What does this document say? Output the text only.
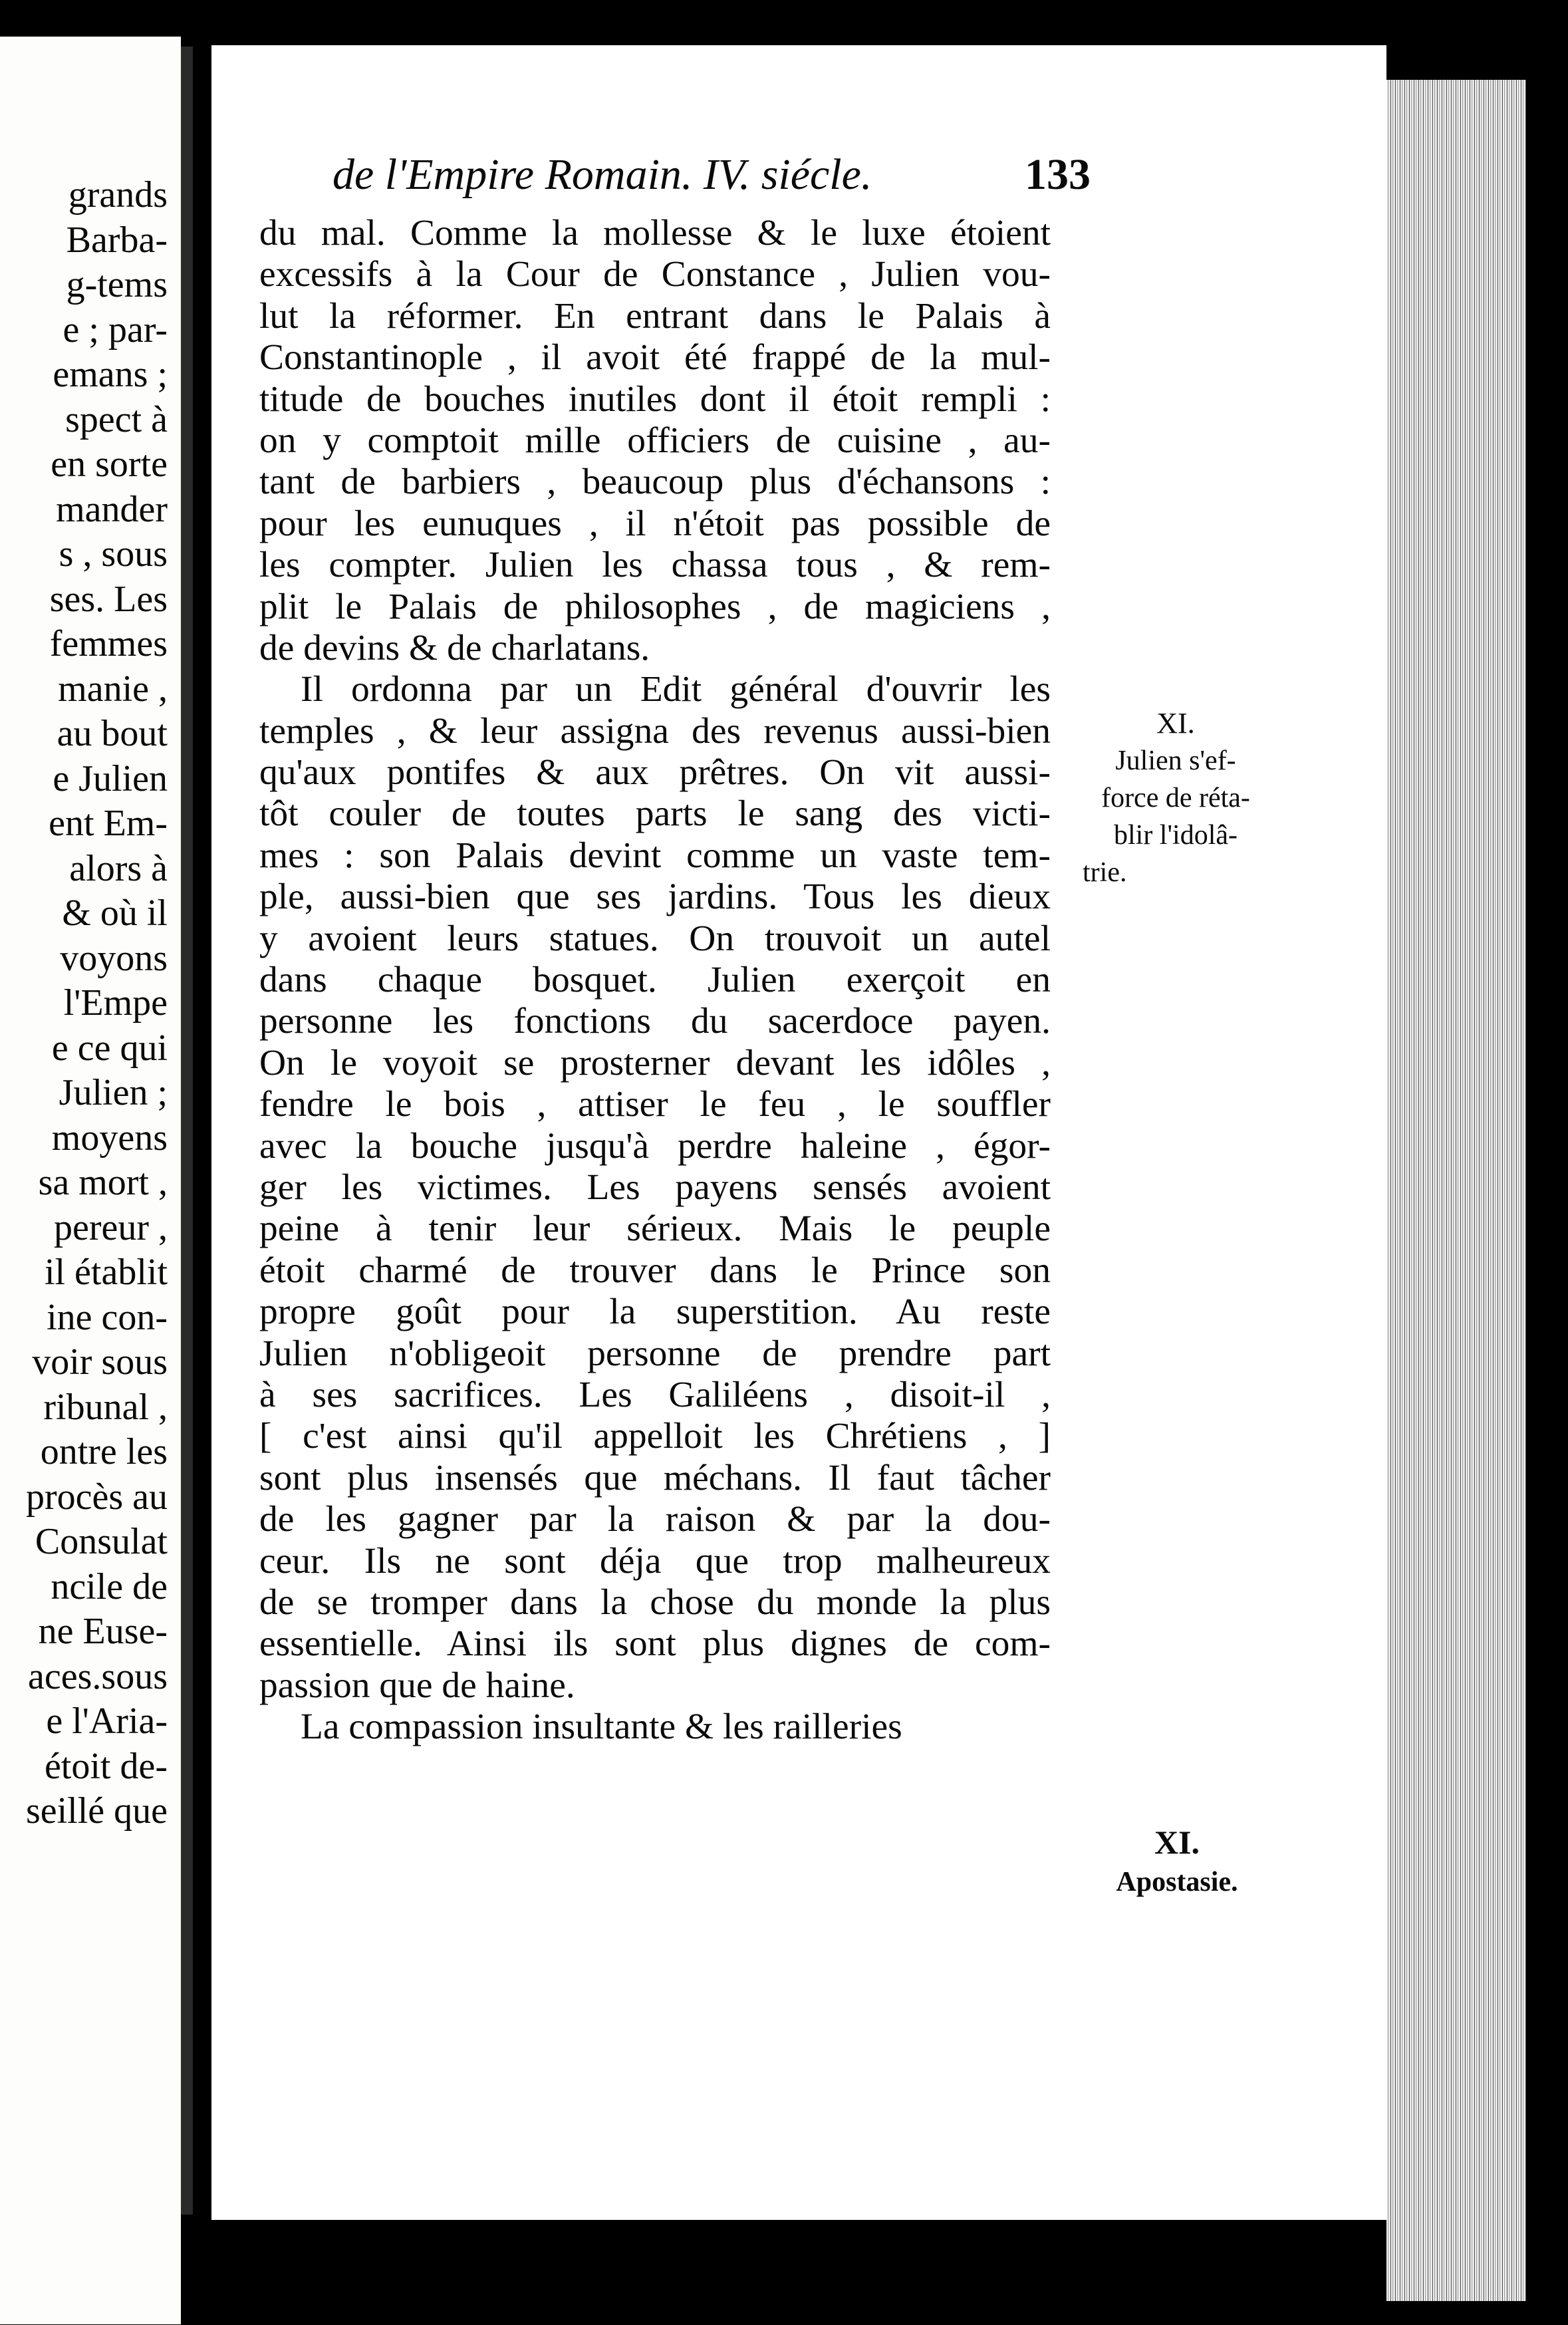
grands
Barba-
g-tems
e ; par-
emans ;
spect à
en sorte
mander
s , sous
ses. Les
femmes
manie ,
au bout
e Julien
ent Em-
alors à
& où il
voyons
l'Empe
e ce qui
Julien ;
moyens
sa mort ,
pereur ,
il établit
ine con-
voir sous
ribunal ,
ontre les
procès au
Consulat
ncile de
ne Euse-
aces.sous
e l'Aria-
étoit de-
seillé que
de l'Empire Romain. IV. siécle.	133
du mal. Comme la mollesse & le luxe étoient
excessifs à la Cour de Constance , Julien vou-
lut la réformer. En entrant dans le Palais à
Constantinople , il avoit été frappé de la mul-
titude de bouches inutiles dont il étoit rempli :
on y comptoit mille officiers de cuisine , au-
tant de barbiers , beaucoup plus d'échansons :
pour les eunuques , il n'étoit pas possible de
les compter. Julien les chassa tous , & rem-
plit le Palais de philosophes , de magiciens ,
de devins & de charlatans.
Il ordonna par un Edit général d'ouvrir les
temples , & leur assigna des revenus aussi-bien
qu'aux pontifes & aux prêtres. On vit aussi-
tôt couler de toutes parts le sang des victi-
mes : son Palais devint comme un vaste tem-
ple, aussi-bien que ses jardins. Tous les dieux
y avoient leurs statues. On trouvoit un autel
dans chaque bosquet. Julien exerçoit en
personne les fonctions du sacerdoce payen.
On le voyoit se prosterner devant les idôles ,
fendre le bois , attiser le feu , le souffler
avec la bouche jusqu'à perdre haleine , égor-
ger les victimes. Les payens sensés avoient
peine à tenir leur sérieux. Mais le peuple
étoit charmé de trouver dans le Prince son
propre goût pour la superstition. Au reste
Julien n'obligeoit personne de prendre part
à ses sacrifices. Les Galiléens , disoit-il ,
[ c'est ainsi qu'il appelloit les Chrétiens , ]
sont plus insensés que méchans. Il faut tâcher
de les gagner par la raison & par la dou-
ceur. Ils ne sont déja que trop malheureux
de se tromper dans la chose du monde la plus
essentielle. Ainsi ils sont plus dignes de com-
passion que de haine.
La compassion insultante & les railleries
XI.
Julien s'ef-
force de réta-
blir l'idolâ-
trie.
XI.
Apostasie.
